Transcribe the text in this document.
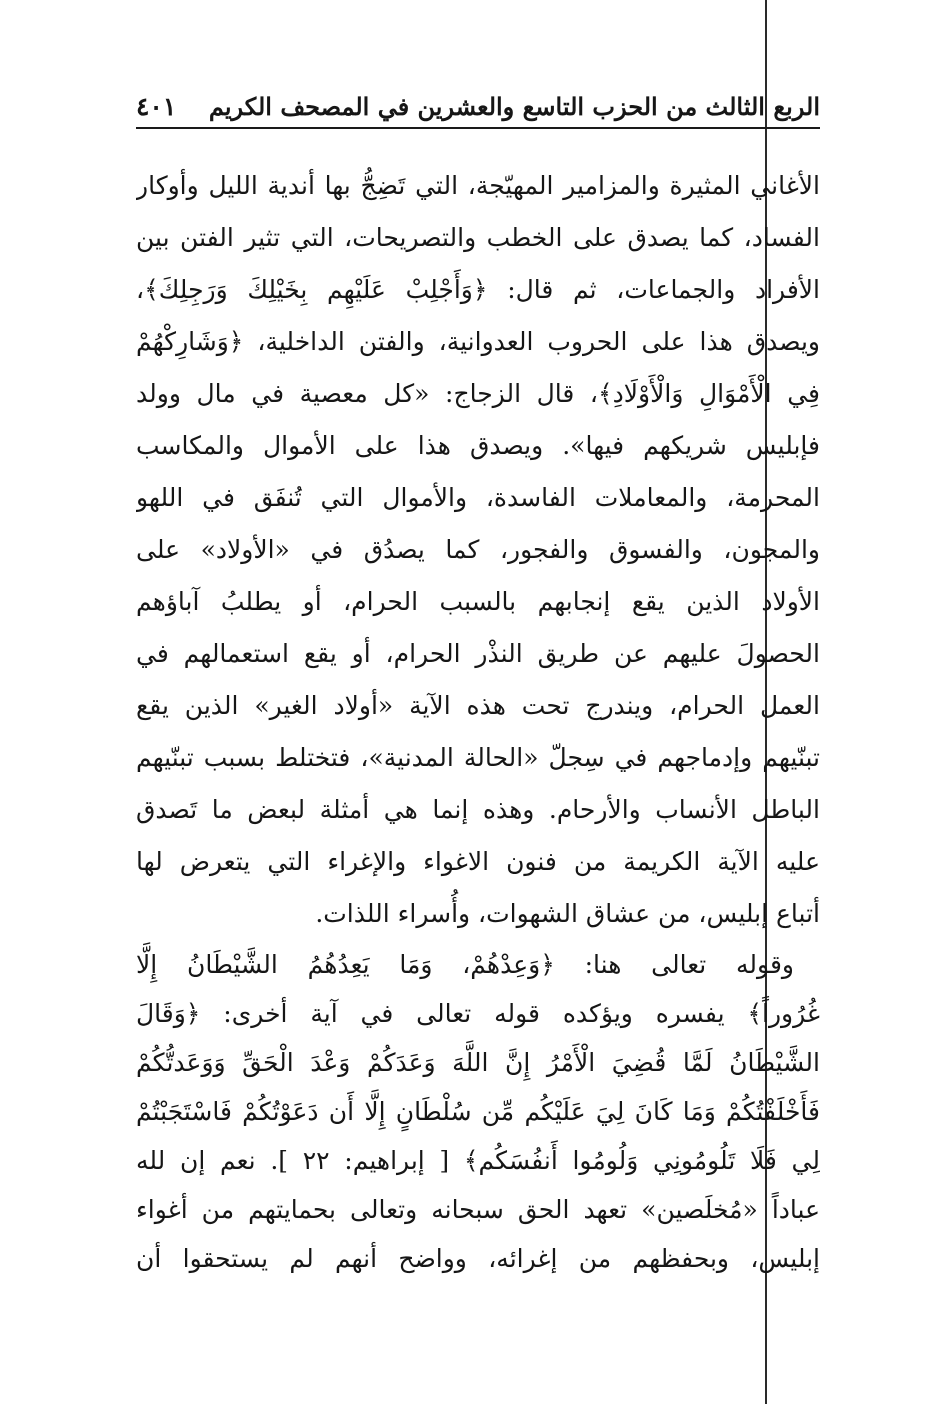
الربع الثالث من الحزب التاسع والعشرين في المصحف الكريم
٤٠١
الأغاني المثيرة والمزامير المهيّجة، التي تَضِجُّ بها أندية الليل وأوكار
الفساد، كما يصدق على الخطب والتصريحات، التي تثير الفتن بين
الأفراد والجماعات، ثم قال: ﴿وَأَجْلِبْ عَلَيْهِم بِخَيْلِكَ وَرَجِلِكَ﴾،
ويصدق هذا على الحروب العدوانية، والفتن الداخلية، ﴿وَشَارِكْهُمْ
فِي الْأَمْوَالِ وَالْأَوْلَادِ﴾، قال الزجاج: «كل معصية في مال وولد
فإبليس شريكهم فيها». ويصدق هذا على الأموال والمكاسب
المحرمة، والمعاملات الفاسدة، والأموال التي تُنفَق في اللهو
والمجون، والفسوق والفجور، كما يصدُق في «الأولاد» على
الأولاد الذين يقع إنجابهم بالسبب الحرام، أو يطلبُ آباؤهم
الحصولَ عليهم عن طريق النذْر الحرام، أو يقع استعمالهم في
العمل الحرام، ويندرج تحت هذه الآية «أولاد الغير» الذين يقع
تبنّيهم وإدماجهم في سِجلّ «الحالة المدنية»، فتختلط بسبب تبنّيهم
الباطل الأنساب والأرحام. وهذه إنما هي أمثلة لبعض ما تَصدق
عليه الآية الكريمة من فنون الاغواء والإغراء التي يتعرض لها
أتباع إبليس، من عشاق الشهوات، وأُسراء اللذات.
وقوله تعالى هنا: ﴿وَعِدْهُمْ، وَمَا يَعِدُهُمُ الشَّيْطَانُ إِلَّا
غُرُوراً﴾ يفسره ويؤكده قوله تعالى في آية أخرى: ﴿وَقَالَ
الشَّيْطَانُ لَمَّا قُضِيَ الْأَمْرُ إِنَّ اللَّهَ وَعَدَكُمْ وَعْدَ الْحَقِّ وَوَعَدتُّكُمْ
فَأَخْلَفْتُكُمْ وَمَا كَانَ لِيَ عَلَيْكُم مِّن سُلْطَانٍ إِلَّا أَن دَعَوْتُكُمْ فَاسْتَجَبْتُمْ
لِي فَلَا تَلُومُونِي وَلُومُوا أَنفُسَكُم﴾ [ إبراهيم: ٢٢ ]. نعم إن لله
عباداً «مُخلَصين» تعهد الحق سبحانه وتعالى بحمايتهم من أغواء
إبليس، وبحفظهم من إغرائه، وواضح أنهم لم يستحقوا أن
